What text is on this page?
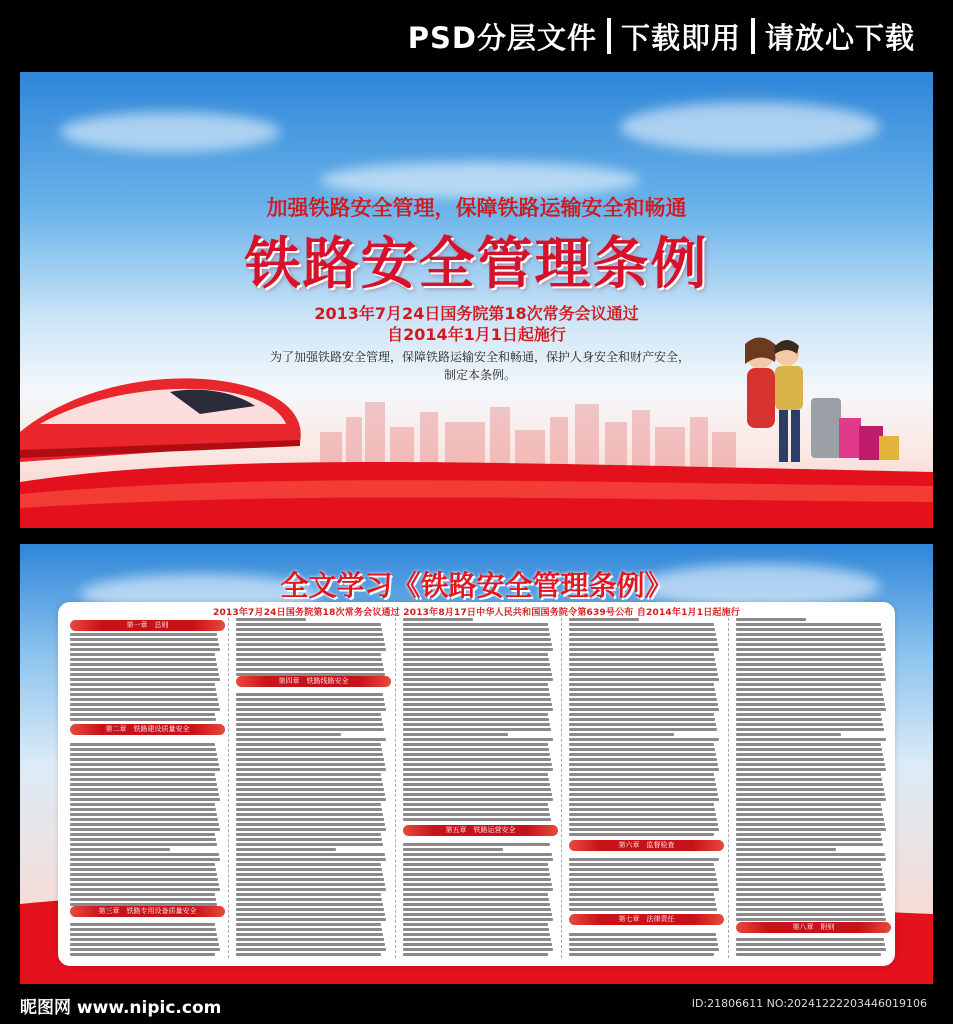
PSD分层文件 下载即用 请放心下载
加强铁路安全管理，保障铁路运输安全和畅通
铁路安全管理条例
2013年7月24日国务院第18次常务会议通过
自2014年1月1日起施行
为了加强铁路安全管理，保障铁路运输安全和畅通，保护人身安全和财产安全，
制定本条例。
全文学习《铁路安全管理条例》
2013年7月24日国务院第18次常务会议通过 2013年8月17日中华人民共和国国务院令第639号公布 自2014年1月1日起施行
第一章　总则
第二章　铁路建设质量安全
第三章　铁路专用设备质量安全
第四章　铁路线路安全
第五章　铁路运营安全
第六章　监督检查
第七章　法律责任
第八章　附则
昵图网 www.nipic.com	ID:21806611 NO:20241222203446019106
